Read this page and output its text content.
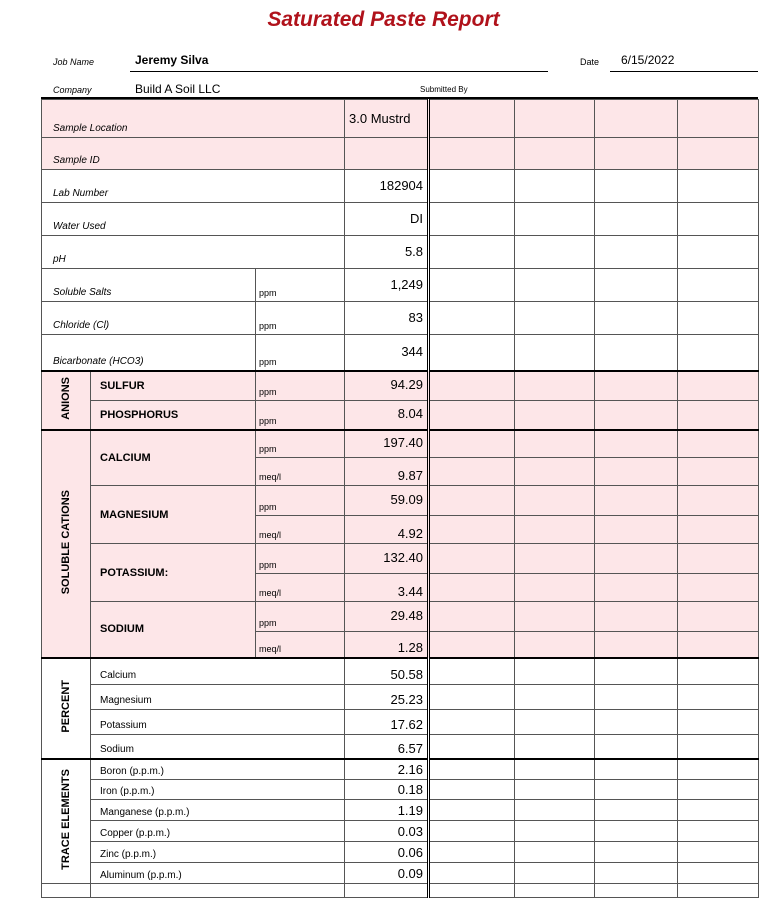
Saturated Paste Report
Job Name	Jeremy Silva	Date 6/15/2022
Company	Build A Soil LLC	Submitted By
Sample Location			3.0 Mustrd				
Sample ID							
Lab Number			182904				
Water Used			DI				
pH			5.8				
Soluble Salts		ppm	1,249				
Chloride (Cl)		ppm	83				
Bicarbonate (HCO3)		ppm	344				
ANIONS	SULFUR	ppm	94.29				
	PHOSPHORUS	ppm	8.04				
SOLUBLE CATIONS	CALCIUM	ppm	197.40				
		meq/l	9.87				
	MAGNESIUM	ppm	59.09				
		meq/l	4.92				
	POTASSIUM:	ppm	132.40				
		meq/l	3.44				
	SODIUM	ppm	29.48				
		meq/l	1.28				
PERCENT	Calcium		50.58				
	Magnesium		25.23				
	Potassium		17.62				
	Sodium		6.57				
TRACE ELEMENTS	Boron (p.p.m.)		2.16				
	Iron (p.p.m.)		0.18				
	Manganese (p.p.m.)		1.19				
	Copper (p.p.m.)		0.03				
	Zinc (p.p.m.)		0.06				
	Aluminum (p.p.m.)		0.09				
